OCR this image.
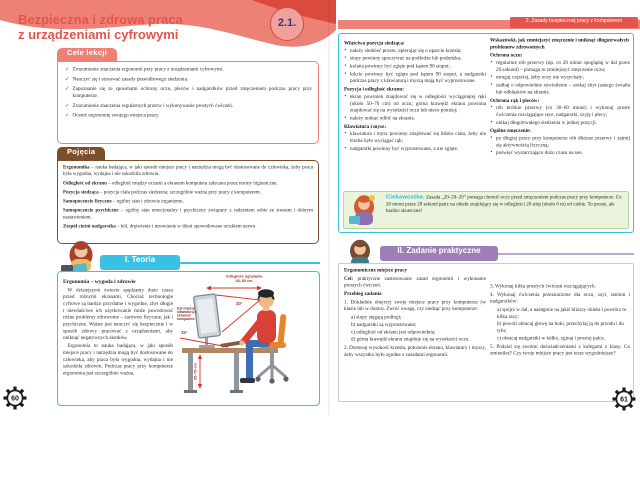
Bezpieczna i zdrowa praca
z urządzeniami cyfrowymi
2.1.
Cele lekcji
✓ Zrozumienie znaczenia ergonomii przy pracy z urządzeniami cyfrowymi.
✓ Nauczyć się i stosować zasady prawidłowego siedzenia.
✓ Zapoznanie się ze sposobami ochrony oczu, pleców i nadgarstków przed zmęczeniem podczas pracy przy komputerze.
✓ Zrozumienie znaczenia regularnych przerw i wykonywanie prostych ćwiczeń.
✓ Ocenić ergonomię swojego miejsca pracy.
Pojęcia
Ergonomika – nauka badająca, w jaki sposób miejsce pracy i narzędzia mogą być dostosowane do człowieka, żeby praca była wygodna, wydajna i nie szkodziła zdrowiu.
Odległość od ekranu – odległość między oczami a ekranem komputera zalecana przez normy higieniczne.
Pozycja siedząca – pozycja ciała podczas siedzenia; szczególnie ważna przy pracy z komputerem.
Samopoczucie fizyczne – ogólny stan i zdrowie organizmu.
Samopoczucie psychiczne – ogólny stan emocjonalny i psychiczny związany z radzeniem sobie ze stresem i dobrym nastawieniem.
Zespół cieśni nadgarstka – ból, drętwienie i mrowienie w dłoni spowodowane uciskiem nerwu.
I. Teoria
Ergonomia – wygoda i zdrowie
W dzisiejszym świecie spędzamy dużo czasu przed różnymi ekranami. Chociaż technologie cyfrowe są bardzo przydatne i wygodne, zbyt długie i niewłaściwe ich użytkowanie może powodować różne problemy zdrowotne – zarówno fizyczne, jak i psychiczne. Ważne jest nauczyć się bezpiecznie i w sposób zdrowy pracować z urządzeniami, aby uniknąć negatywnych skutków.
Ergonomia to nauka badająca, w jaki sposób miejsce pracy i narzędzia mogą być dostosowane do człowieka, aby praca była wygodna, wydajna i nie szkodziła zdrowiu. Podczas pracy przy komputerze ergonomia jest szczególnie ważna.
Odległość oglądania
45–80 cm
20°
Kąt między klawiaturą a ekranem komputera
15°
65–75 cm
60
2. Zasady bezpiecznej pracy z komputerem
Właściwa pozycja siedząca:
▪ należy siedzieć prosto, opierając się o oparcie krzesła;
▪ stopy powinny spoczywać na podłodze lub podnóżku;
▪ kolana powinny być zgięte pod kątem 90 stopni;
▪ łokcie powinny być zgięte pod kątem 90 stopni, a nadgarstki podczas pracy z klawiaturą i myszą mają być wyprostowane.
Pozycja i odległość ekranu:
▪ ekran powinien znajdować się w odległości wyciągniętej ręki (około 50–70 cm) od oczu; górna krawędź ekranu powinna znajdować się na wysokości oczu lub nieco poniżej;
▪ należy unikać odbić na ekranie.
Klawiatura i mysz:
▪ klawiatura i mysz powinny znajdować się blisko ciała, żeby nie trzeba było wyciągać rąk;
▪ nadgarstki powinny być wyprostowane, a nie zgięte.
Wskazówki, jak zmniejszyć zmęczenie i uniknąć długotrwałych problemów zdrowotnych
Ochrona oczu:
▪ regularnie rób przerwy (np. co 20 minut spoglądaj w dal przez 20 sekund) – pomaga to zmniejszyć zmęczenie oczu;
▪ mrugaj częściej, żeby oczy nie wysychały;
▪ zadbaj o odpowiednie oświetlenie – unikaj zbyt jasnego światła lub odblasków na ekranie.
Ochrona rąk i pleców:
▪ rób krótkie przerwy (co 30–60 minut) i wykonuj proste ćwiczenia rozciągające ręce, nadgarstki, szyję i plecy;
▪ unikaj długotrwałego siedzenia w jednej pozycji.
Ogólne zmęczenie:
▪ po długiej pracy przy komputerze rób dłuższe przerwy i zajmij się aktywnością fizyczną;
▪ poświęć wystarczająco dużo czasu na sen.
Ciekawostka. Zasada „20–20–20” pomaga chronić oczy przed zmęczeniem podczas pracy przy komputerze. Co 20 minut przez 20 sekund patrz na obiekt znajdujący się w odległości 20 stóp (około 6 m) od ciebie. To proste, ale bardzo skuteczne!
II. Zadanie praktyczne
Ergonomiczne miejsce pracy
Cel: praktyczne zastosowanie zasad ergonomii i wykonanie prostych ćwiczeń.
Przebieg zadania
1. Dokładnie obejrzyj swoje miejsce pracy przy komputerze (w klasie lub w domu). Zwróć uwagę, czy siedząc przy komputerze:
a) stopy sięgają podłogi;
b) nadgarstki są wyprostowane;
c) odległość od ekranu jest odpowiednia;
d) górna krawędź ekranu znajduje się na wysokości oczu.
2. Dostosuj wysokość krzesła, położenie ekranu, klawiatury i myszy, żeby wszystko było zgodne z zasadami ergonomii.
3. Wykonaj kilka prostych ćwiczeń rozciągających.
4. Wykonaj ćwiczenia przeznaczone dla oczu, szyi, ramion i nadgarstków:
a) spójrz w dal, a następnie na jakiś bliższy obiekt i powtórz to kilka razy;
b) powoli obracaj głowę na boki, przechylaj ją do przodu i do tyłu;
c) obracaj nadgarstki w kółko, zginaj i prostuj palce.
5. Podziel się swoimi doświadczeniami z kolegami z klasy. Co zmieniłeś? Czy twoje miejsce pracy jest teraz wygodniejsze?
61
